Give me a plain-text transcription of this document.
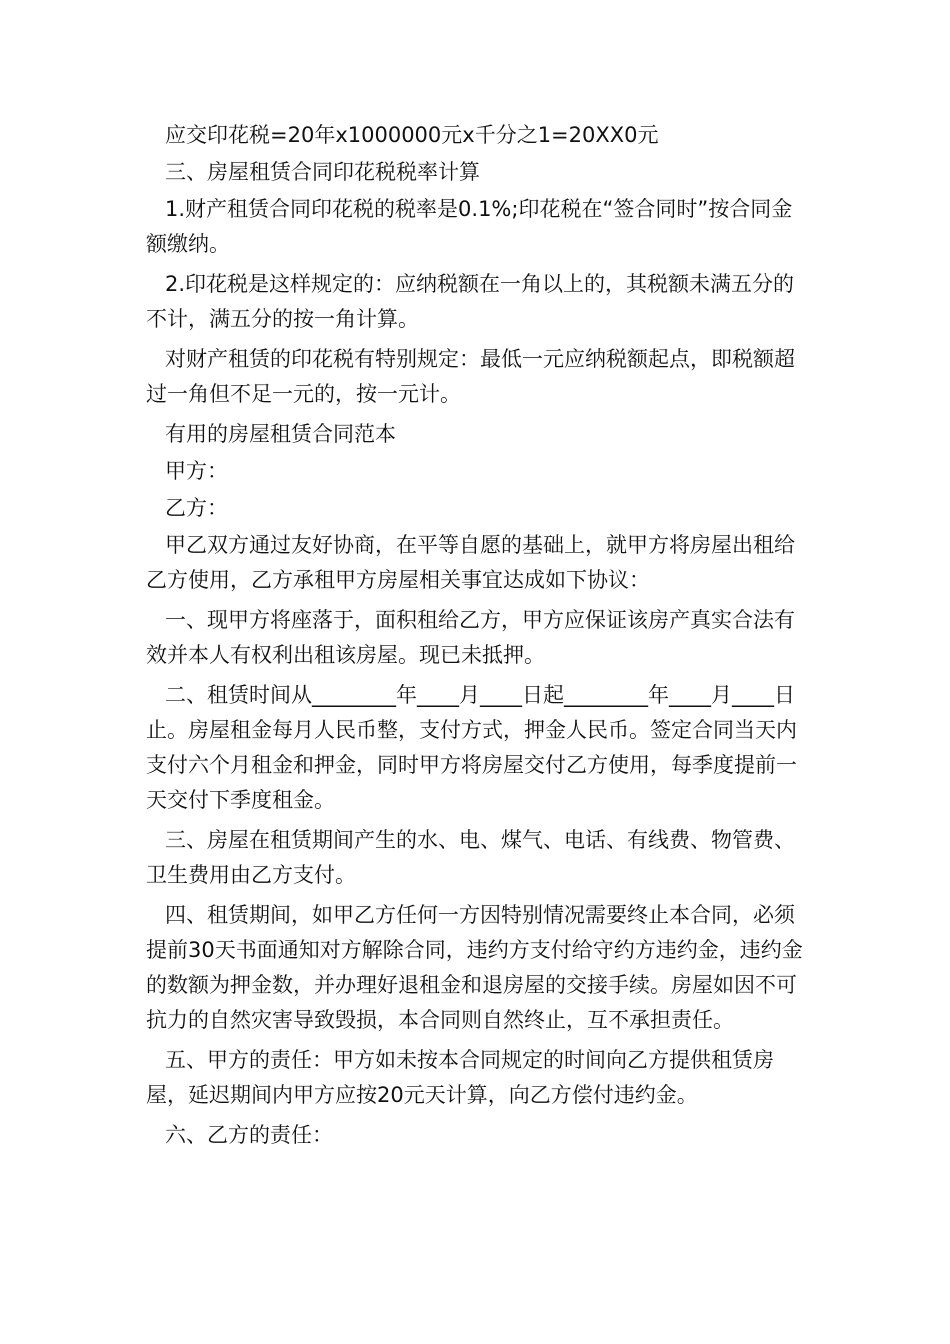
应交印花税=20年x1000000元x千分之1=20XX0元

三、房屋租赁合同印花税税率计算

1.财产租赁合同印花税的税率是0.1%;印花税在“签合同时”按合同金额缴纳。

2.印花税是这样规定的：应纳税额在一角以上的，其税额未满五分的不计，满五分的按一角计算。

对财产租赁的印花税有特别规定：最低一元应纳税额起点，即税额超过一角但不足一元的，按一元计。

有用的房屋租赁合同范本

甲方：

乙方：

甲乙双方通过友好协商，在平等自愿的基础上，就甲方将房屋出租给乙方使用，乙方承租甲方房屋相关事宜达成如下协议：

一、现甲方将座落于，面积租给乙方，甲方应保证该房产真实合法有效并本人有权利出租该房屋。现已未抵押。

二、租赁时间从________年____月____日起________年____月____日止。房屋租金每月人民币整，支付方式，押金人民币。签定合同当天内支付六个月租金和押金，同时甲方将房屋交付乙方使用，每季度提前一天交付下季度租金。

三、房屋在租赁期间产生的水、电、煤气、电话、有线费、物管费、卫生费用由乙方支付。

四、租赁期间，如甲乙方任何一方因特别情况需要终止本合同，必须提前30天书面通知对方解除合同，违约方支付给守约方违约金，违约金的数额为押金数，并办理好退租金和退房屋的交接手续。房屋如因不可抗力的自然灾害导致毁损，本合同则自然终止，互不承担责任。

五、甲方的责任：甲方如未按本合同规定的时间向乙方提供租赁房屋，延迟期间内甲方应按20元天计算，向乙方偿付违约金。

六、乙方的责任：
